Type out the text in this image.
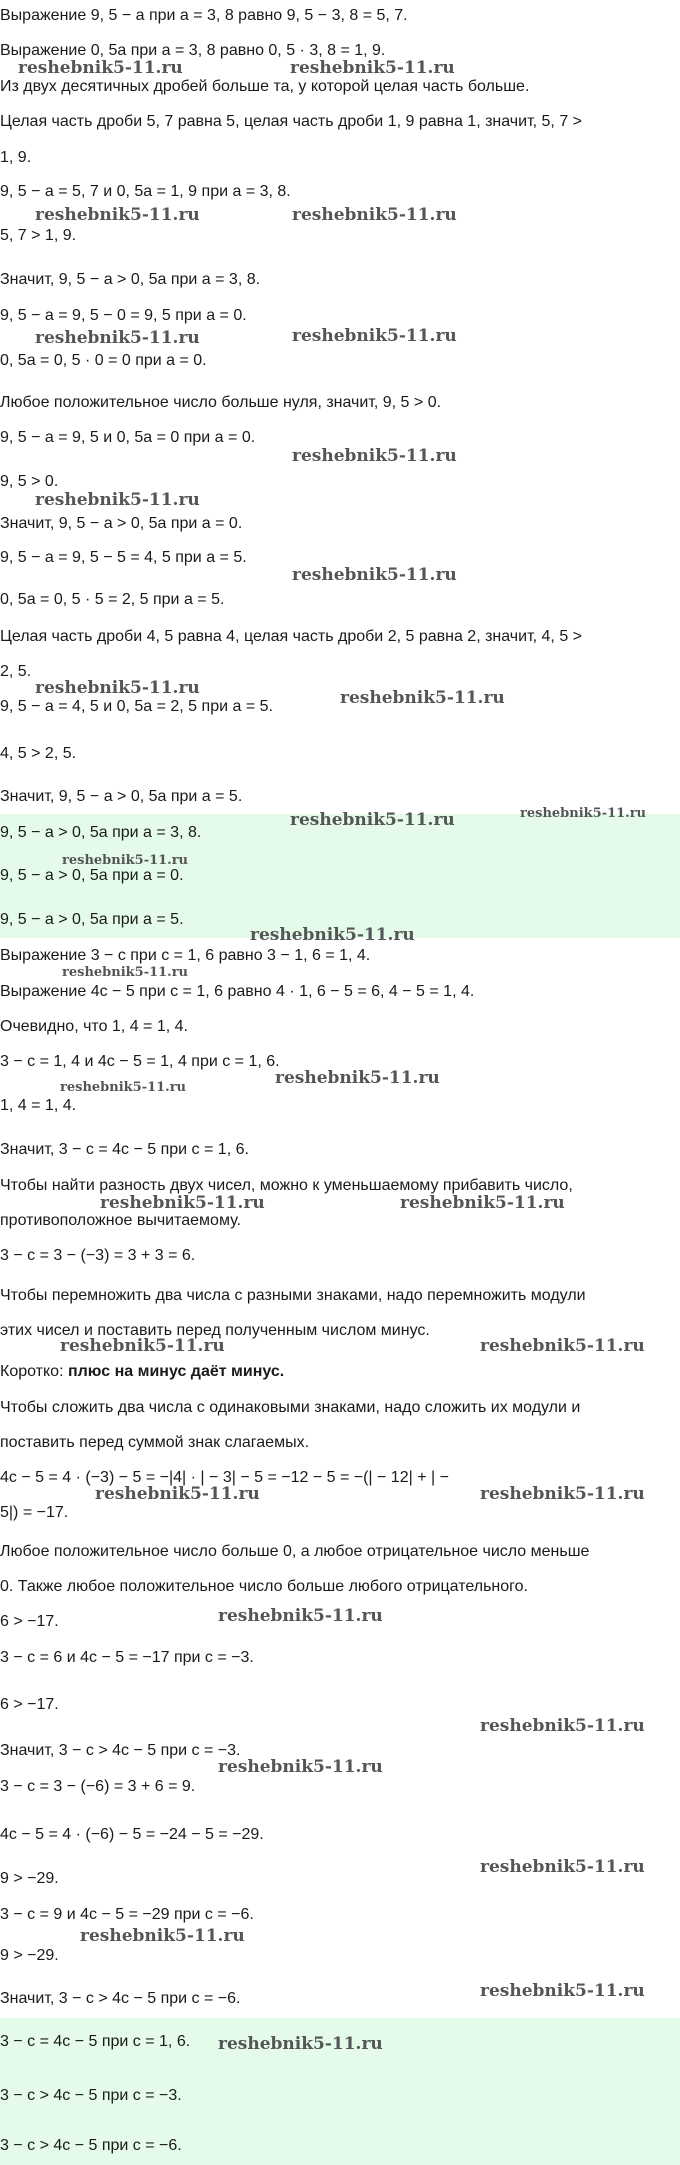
Выражение 9, 5 − a при a = 3, 8 равно 9, 5 − 3, 8 = 5, 7.
Выражение 0, 5a при a = 3, 8 равно 0, 5 · 3, 8 = 1, 9.
Из двух десятичных дробей больше та, у которой целая часть больше.
Целая часть дроби 5, 7 равна 5, целая часть дроби 1, 9 равна 1, значит, 5, 7 >
1, 9.
9, 5 − a = 5, 7 и 0, 5a = 1, 9 при a = 3, 8.
5, 7 > 1, 9.
Значит, 9, 5 − a > 0, 5a при a = 3, 8.
9, 5 − a = 9, 5 − 0 = 9, 5 при a = 0.
0, 5a = 0, 5 · 0 = 0 при a = 0.
Любое положительное число больше нуля, значит, 9, 5 > 0.
9, 5 − a = 9, 5 и 0, 5a = 0 при a = 0.
9, 5 > 0.
Значит, 9, 5 − a > 0, 5a при a = 0.
9, 5 − a = 9, 5 − 5 = 4, 5 при a = 5.
0, 5a = 0, 5 · 5 = 2, 5 при a = 5.
Целая часть дроби 4, 5 равна 4, целая часть дроби 2, 5 равна 2, значит, 4, 5 >
2, 5.
9, 5 − a = 4, 5 и 0, 5a = 2, 5 при a = 5.
4, 5 > 2, 5.
Значит, 9, 5 − a > 0, 5a при a = 5.
9, 5 − a > 0, 5a при a = 3, 8.
9, 5 − a > 0, 5a при a = 0.
9, 5 − a > 0, 5a при a = 5.
Выражение 3 − c при c = 1, 6 равно 3 − 1, 6 = 1, 4.
Выражение 4c − 5 при c = 1, 6 равно 4 · 1, 6 − 5 = 6, 4 − 5 = 1, 4.
Очевидно, что 1, 4 = 1, 4.
3 − c = 1, 4 и 4c − 5 = 1, 4 при c = 1, 6.
1, 4 = 1, 4.
Значит, 3 − c = 4c − 5 при c = 1, 6.
Чтобы найти разность двух чисел, можно к уменьшаемому прибавить число,
противоположное вычитаемому.
3 − c = 3 − (−3) = 3 + 3 = 6.
Чтобы перемножить два числа с разными знаками, надо перемножить модули
этих чисел и поставить перед полученным числом минус.
Коротко: плюс на минус даёт минус.
Чтобы сложить два числа с одинаковыми знаками, надо сложить их модули и
поставить перед суммой знак слагаемых.
4c − 5 = 4 · (−3) − 5 = −|4| · | − 3| − 5 = −12 − 5 = −(| − 12| + | −
5|) = −17.
Любое положительное число больше 0, а любое отрицательное число меньше
0. Также любое положительное число больше любого отрицательного.
6 > −17.
3 − c = 6 и 4c − 5 = −17 при c = −3.
6 > −17.
Значит, 3 − c > 4c − 5 при c = −3.
3 − c = 3 − (−6) = 3 + 6 = 9.
4c − 5 = 4 · (−6) − 5 = −24 − 5 = −29.
9 > −29.
3 − c = 9 и 4c − 5 = −29 при c = −6.
9 > −29.
Значит, 3 − c > 4c − 5 при c = −6.
3 − c = 4c − 5 при c = 1, 6.
3 − c > 4c − 5 при c = −3.
3 − c > 4c − 5 при c = −6.
reshebnik5-11.ru	reshebnik5-11.ru
reshebnik5-11.ru	reshebnik5-11.ru
reshebnik5-11.ru	reshebnik5-11.ru
reshebnik5-11.ru
reshebnik5-11.ru
reshebnik5-11.ru
reshebnik5-11.ru	reshebnik5-11.ru
reshebnik5-11.ru	reshebnik5-11.ru
reshebnik5-11.ru
reshebnik5-11.ru
reshebnik5-11.ru
reshebnik5-11.ru
reshebnik5-11.ru
reshebnik5-11.ru	reshebnik5-11.ru
reshebnik5-11.ru	reshebnik5-11.ru
reshebnik5-11.ru	reshebnik5-11.ru
reshebnik5-11.ru
reshebnik5-11.ru
reshebnik5-11.ru
reshebnik5-11.ru
reshebnik5-11.ru
reshebnik5-11.ru
reshebnik5-11.ru
